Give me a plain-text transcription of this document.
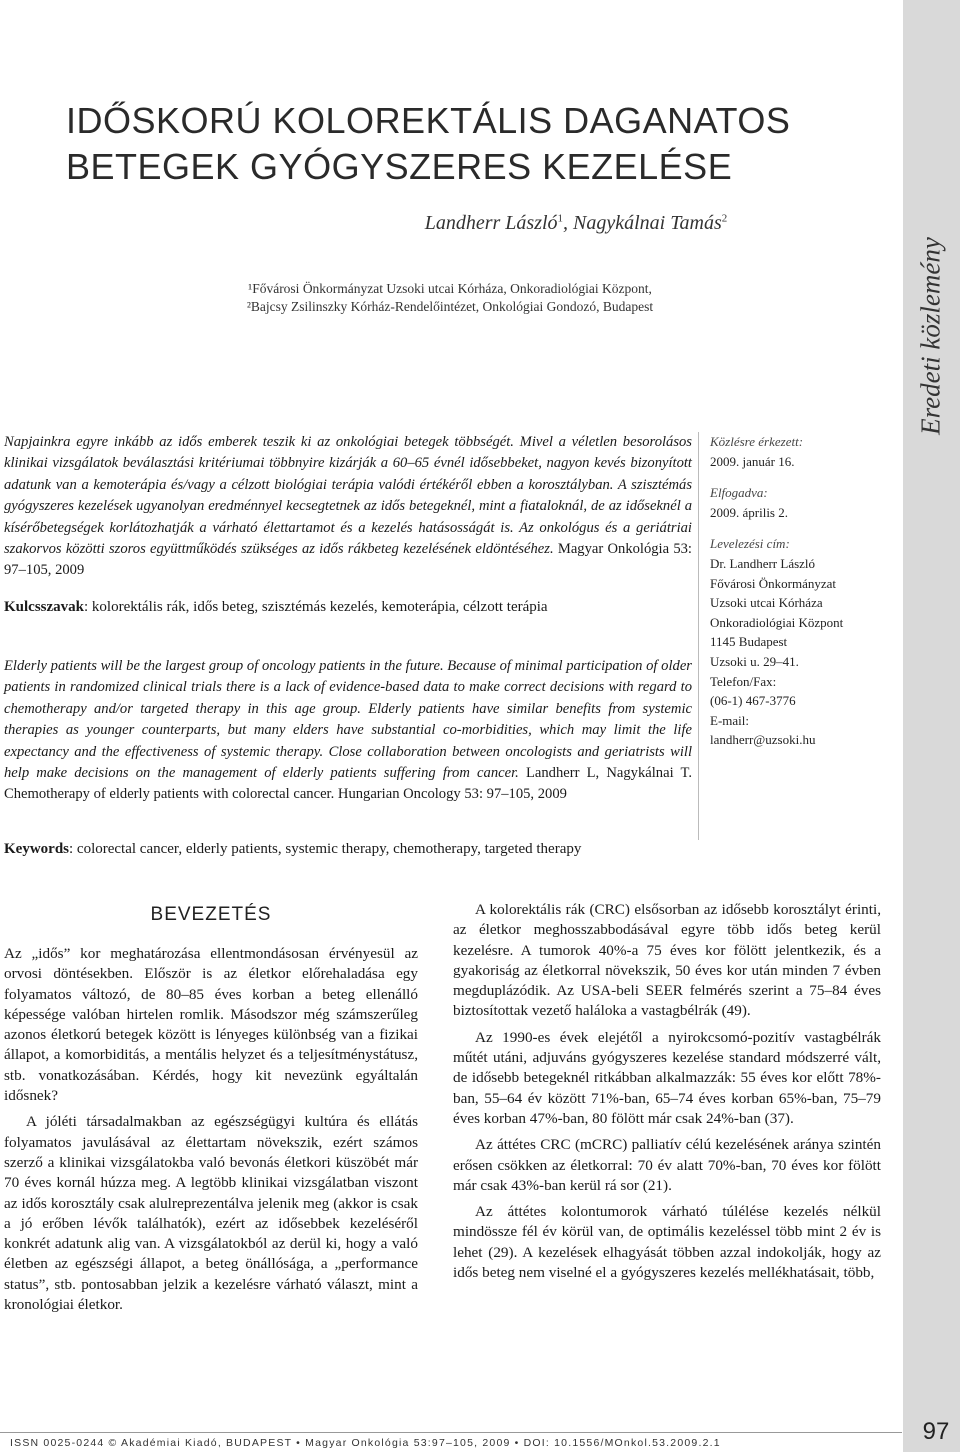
Eredeti közlemény
IDŐSKORÚ KOLOREKTÁLIS DAGANATOS
BETEGEK GYÓGYSZERES KEZELÉSE
Landherr László$^1$, Nagykálnai Tamás$^2$
¹Fővárosi Önkormányzat Uzsoki utcai Kórháza, Onkoradiológiai Központ,
²Bajcsy Zsilinszky Kórház-Rendelőintézet, Onkológiai Gondozó, Budapest
Napjainkra egyre inkább az idős emberek teszik ki az onkológiai betegek többségét. Mivel a véletlen besorolásos klinikai vizsgálatok beválasztási kritériumai többnyire kizárják a 60–65 évnél idősebbeket, nagyon kevés bizonyított adatunk van a kemoterápia és/vagy a célzott biológiai terápia valódi értékéről ebben a korosztályban. A szisztémás gyógyszeres kezelések ugyanolyan eredménnyel kecsegtetnek az idős betegeknél, mint a fiataloknál, de az időseknél a kísérőbetegségek korlátozhatják a várható élettartamot és a kezelés hatásosságát is. Az onkológus és a geriátriai szakorvos közötti szoros együttműködés szükséges az idős rákbeteg kezelésének eldöntéséhez. Magyar Onkológia 53: 97–105, 2009
Kulcsszavak: kolorektális rák, idős beteg, szisztémás kezelés, kemoterápia, célzott terápia
Elderly patients will be the largest group of oncology patients in the future. Because of minimal participation of older patients in randomized clinical trials there is a lack of evidence-based data to make correct decisions with regard to chemotherapy and/or targeted therapy in this age group. Elderly patients have similar benefits from systemic therapies as younger counterparts, but many elders have substantial co-morbidities, which may limit the life expectancy and the effectiveness of systemic therapy. Close collaboration between oncologists and geriatrists will help make decisions on the management of elderly patients suffering from cancer. Landherr L, Nagykálnai T. Chemotherapy of elderly patients with colorectal cancer. Hungarian Oncology 53: 97–105, 2009
Keywords: colorectal cancer, elderly patients, systemic therapy, chemotherapy, targeted therapy
Közlésre érkezett:
2009. január 16.
Elfogadva:
2009. április 2.
Levelezési cím:
Dr. Landherr László
Fővárosi Önkormányzat
Uzsoki utcai Kórháza
Onkoradiológiai Központ
1145 Budapest
Uzsoki u. 29–41.
Telefon/Fax:
(06-1) 467-3776
E-mail:
landherr@uzsoki.hu
BEVEZETÉS

Az „idős” kor meghatározása ellentmondásosan érvényesül az orvosi döntésekben. Először is az életkor előrehaladása egy folyamatos változó, de 80–85 éves korban a beteg ellenálló képessége valóban hirtelen romlik. Másodszor még számszerűleg azonos életkorú betegek között is lényeges különbség van a fizikai állapot, a komorbiditás, a mentális helyzet és a teljesítménystátusz, stb. vonatkozásában. Kérdés, hogy kit nevezünk egyáltalán idősnek?

A jóléti társadalmakban az egészségügyi kultúra és ellátás folyamatos javulásával az élettartam növekszik, ezért számos szerző a klinikai vizsgálatokba való bevonás életkori küszöbét már 70 éves kornál húzza meg. A legtöbb klinikai vizsgálatban viszont az idős korosztály csak alulreprezentálva jelenik meg (akkor is csak a jó erőben lévők találhatók), ezért az idősebbek kezeléséről konkrét adatunk alig van. A vizsgálatokból az derül ki, hogy a való életben az egészségi állapot, a beteg önállósága, a „performance status”, stb. pontosabban jelzik a kezelésre várható választ, mint a kronológiai életkor.

A kolorektális rák (CRC) elsősorban az idősebb korosztályt érinti, az életkor meghosszabbodásával egyre több idős beteg kerül kezelésre. A tumorok 40%-a 75 éves kor fölött jelentkezik, és a gyakoriság az életkorral növekszik, 50 éves kor után minden 7 évben megduplázódik. Az USA-beli SEER felmérés szerint a 75–84 éves biztosítottak vezető haláloka a vastagbélrák (49).

Az 1990-es évek elejétől a nyirokcsomó-pozitív vastagbélrák műtét utáni, adjuváns gyógyszeres kezelése standard módszerré vált, de idősebb betegeknél ritkábban alkalmazzák: 55 éves kor előtt 78%-ban, 55–64 év között 71%-ban, 65–74 éves korban 65%-ban, 75–79 éves korban 47%-ban, 80 fölött már csak 24%-ban (37).

Az áttétes CRC (mCRC) palliatív célú kezelésének aránya szintén erősen csökken az életkorral: 70 év alatt 70%-ban, 70 éves kor fölött már csak 43%-ban kerül rá sor (21).

Az áttétes kolontumorok várható túlélése kezelés nélkül mindössze fél év körül van, de optimális kezeléssel több mint 2 év is lehet (29). A kezelések elhagyását többen azzal indokolják, hogy az idős beteg nem viselné el a gyógyszeres kezelés mellékhatásait, több,

ISSN 0025-0244 © Akadémiai Kiadó, BUDAPEST • Magyar Onkológia 53:97–105, 2009 • DOI: 10.1556/MOnkol.53.2009.2.1	97
